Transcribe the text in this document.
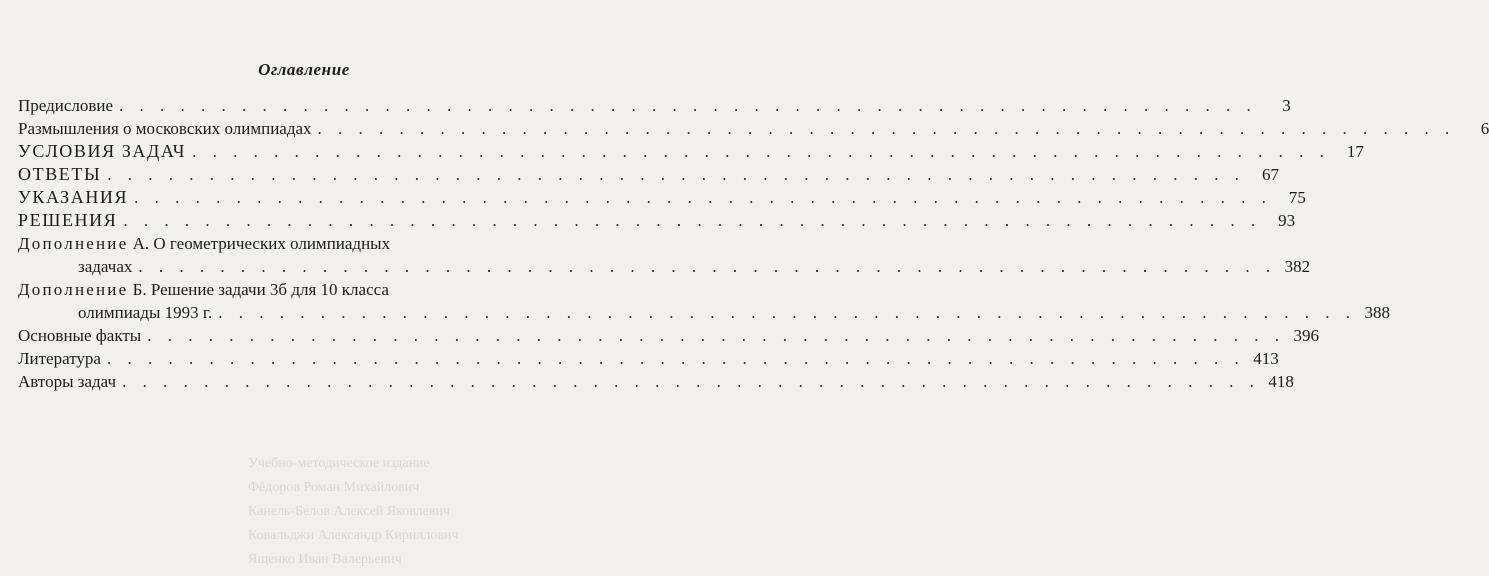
Оглавление
Предисловие . . . . . . . . . . . . . . . . . . . . . . . . . . . . . . . . . . . . . . . . . . . . . . . . . . . . . . . .	3
Размышления о московских олимпиадах . . . . . . . . . . . . . . . . . . . . . . . . . . . . . . . . . . . . . . . . . . . . . . . . . . . . . . . .	6
УСЛОВИЯ ЗАДАЧ . . . . . . . . . . . . . . . . . . . . . . . . . . . . . . . . . . . . . . . . . . . . . . . . . . . . . . . .	17
ОТВЕТЫ . . . . . . . . . . . . . . . . . . . . . . . . . . . . . . . . . . . . . . . . . . . . . . . . . . . . . . . .	67
УКАЗАНИЯ . . . . . . . . . . . . . . . . . . . . . . . . . . . . . . . . . . . . . . . . . . . . . . . . . . . . . . . .	75
РЕШЕНИЯ . . . . . . . . . . . . . . . . . . . . . . . . . . . . . . . . . . . . . . . . . . . . . . . . . . . . . . . .	93
Дополнение А. О геометрических олимпиадных
задачах . . . . . . . . . . . . . . . . . . . . . . . . . . . . . . . . . . . . . . . . . . . . . . . . . . . . . . . . 382
Дополнение Б. Решение задачи 3б для 10 класса
олимпиады 1993 г. . . . . . . . . . . . . . . . . . . . . . . . . . . . . . . . . . . . . . . . . . . . . . . . . . . . . . . . . 388
Основные факты . . . . . . . . . . . . . . . . . . . . . . . . . . . . . . . . . . . . . . . . . . . . . . . . . . . . . . . . 396
Литература . . . . . . . . . . . . . . . . . . . . . . . . . . . . . . . . . . . . . . . . . . . . . . . . . . . . . . . . 413
Авторы задач . . . . . . . . . . . . . . . . . . . . . . . . . . . . . . . . . . . . . . . . . . . . . . . . . . . . . . . . 418
Учебно-методическое издание
Фёдоров Роман Михайлович
Канель-Белов Алексей Яковлевич
Ковальджи Александр Кириллович
Ященко Иван Валерьевич
